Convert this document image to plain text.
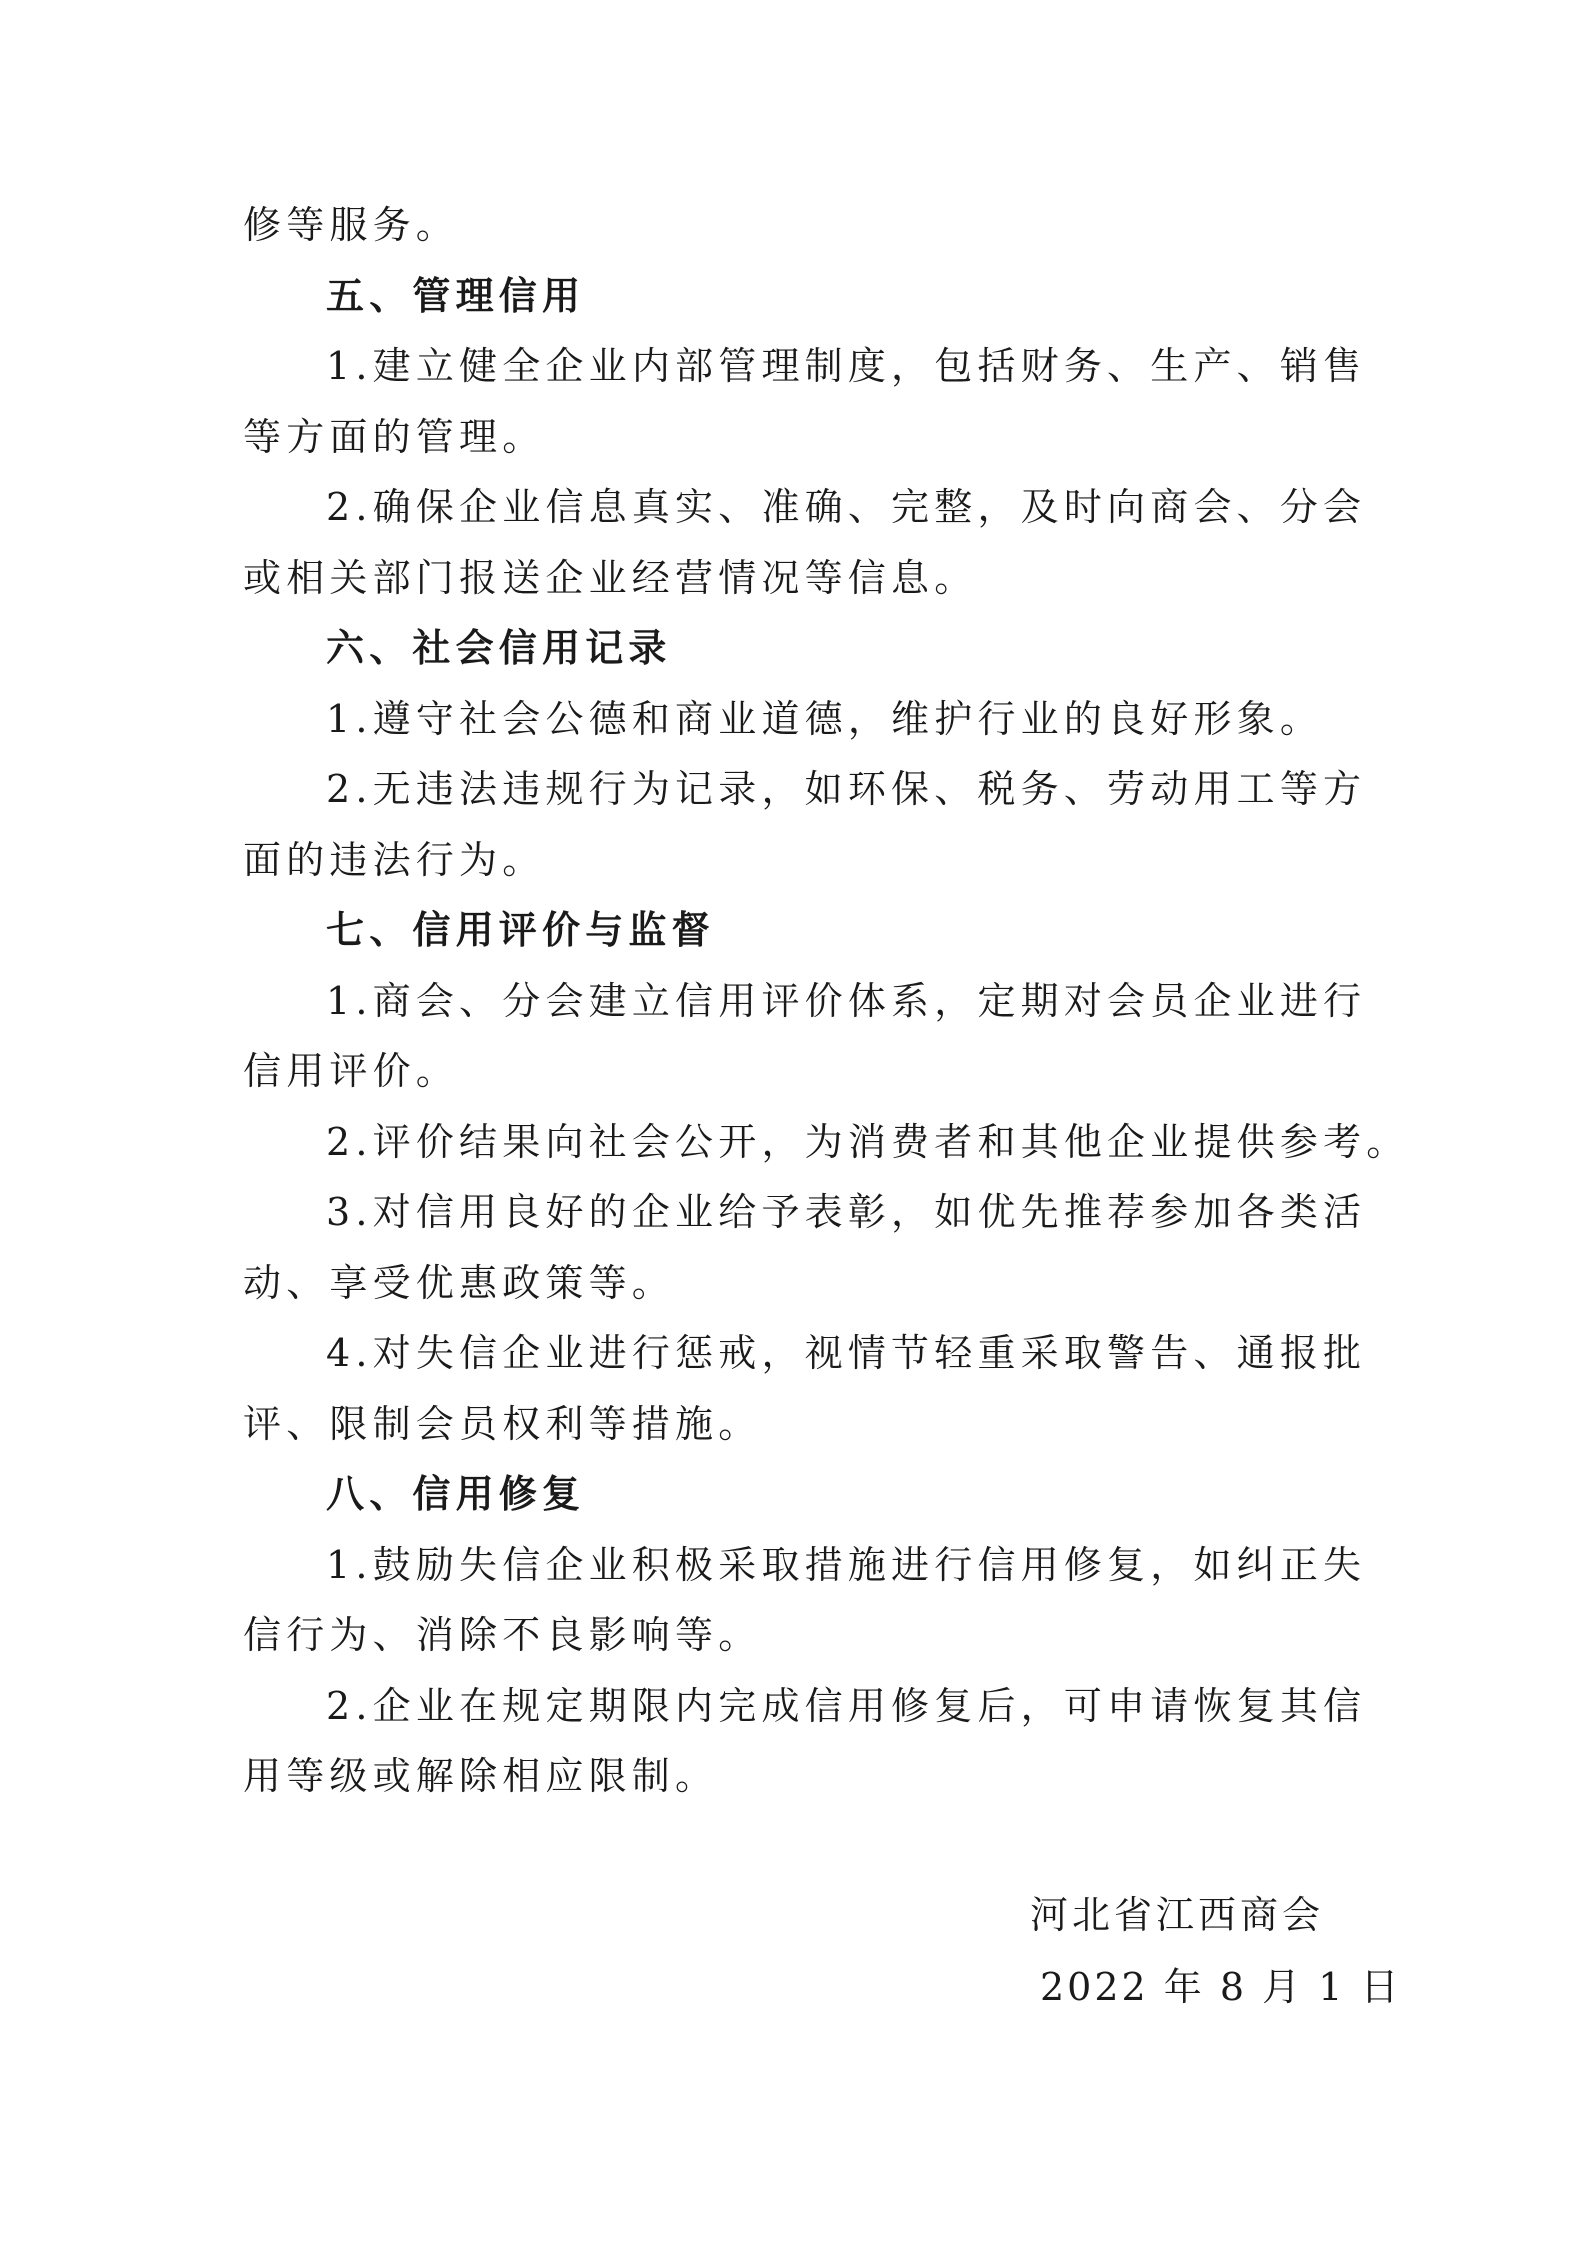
修等服务。
五、管理信用
1.建立健全企业内部管理制度，包括财务、生产、销售
等方面的管理。
2.确保企业信息真实、准确、完整，及时向商会、分会
或相关部门报送企业经营情况等信息。
六、社会信用记录
1.遵守社会公德和商业道德，维护行业的良好形象。
2.无违法违规行为记录，如环保、税务、劳动用工等方
面的违法行为。
七、信用评价与监督
1.商会、分会建立信用评价体系，定期对会员企业进行
信用评价。
2.评价结果向社会公开，为消费者和其他企业提供参考。
3.对信用良好的企业给予表彰，如优先推荐参加各类活
动、享受优惠政策等。
4.对失信企业进行惩戒，视情节轻重采取警告、通报批
评、限制会员权利等措施。
八、信用修复
1.鼓励失信企业积极采取措施进行信用修复，如纠正失
信行为、消除不良影响等。
2.企业在规定期限内完成信用修复后，可申请恢复其信
用等级或解除相应限制。
河北省江西商会
2022 年 8 月 1 日
